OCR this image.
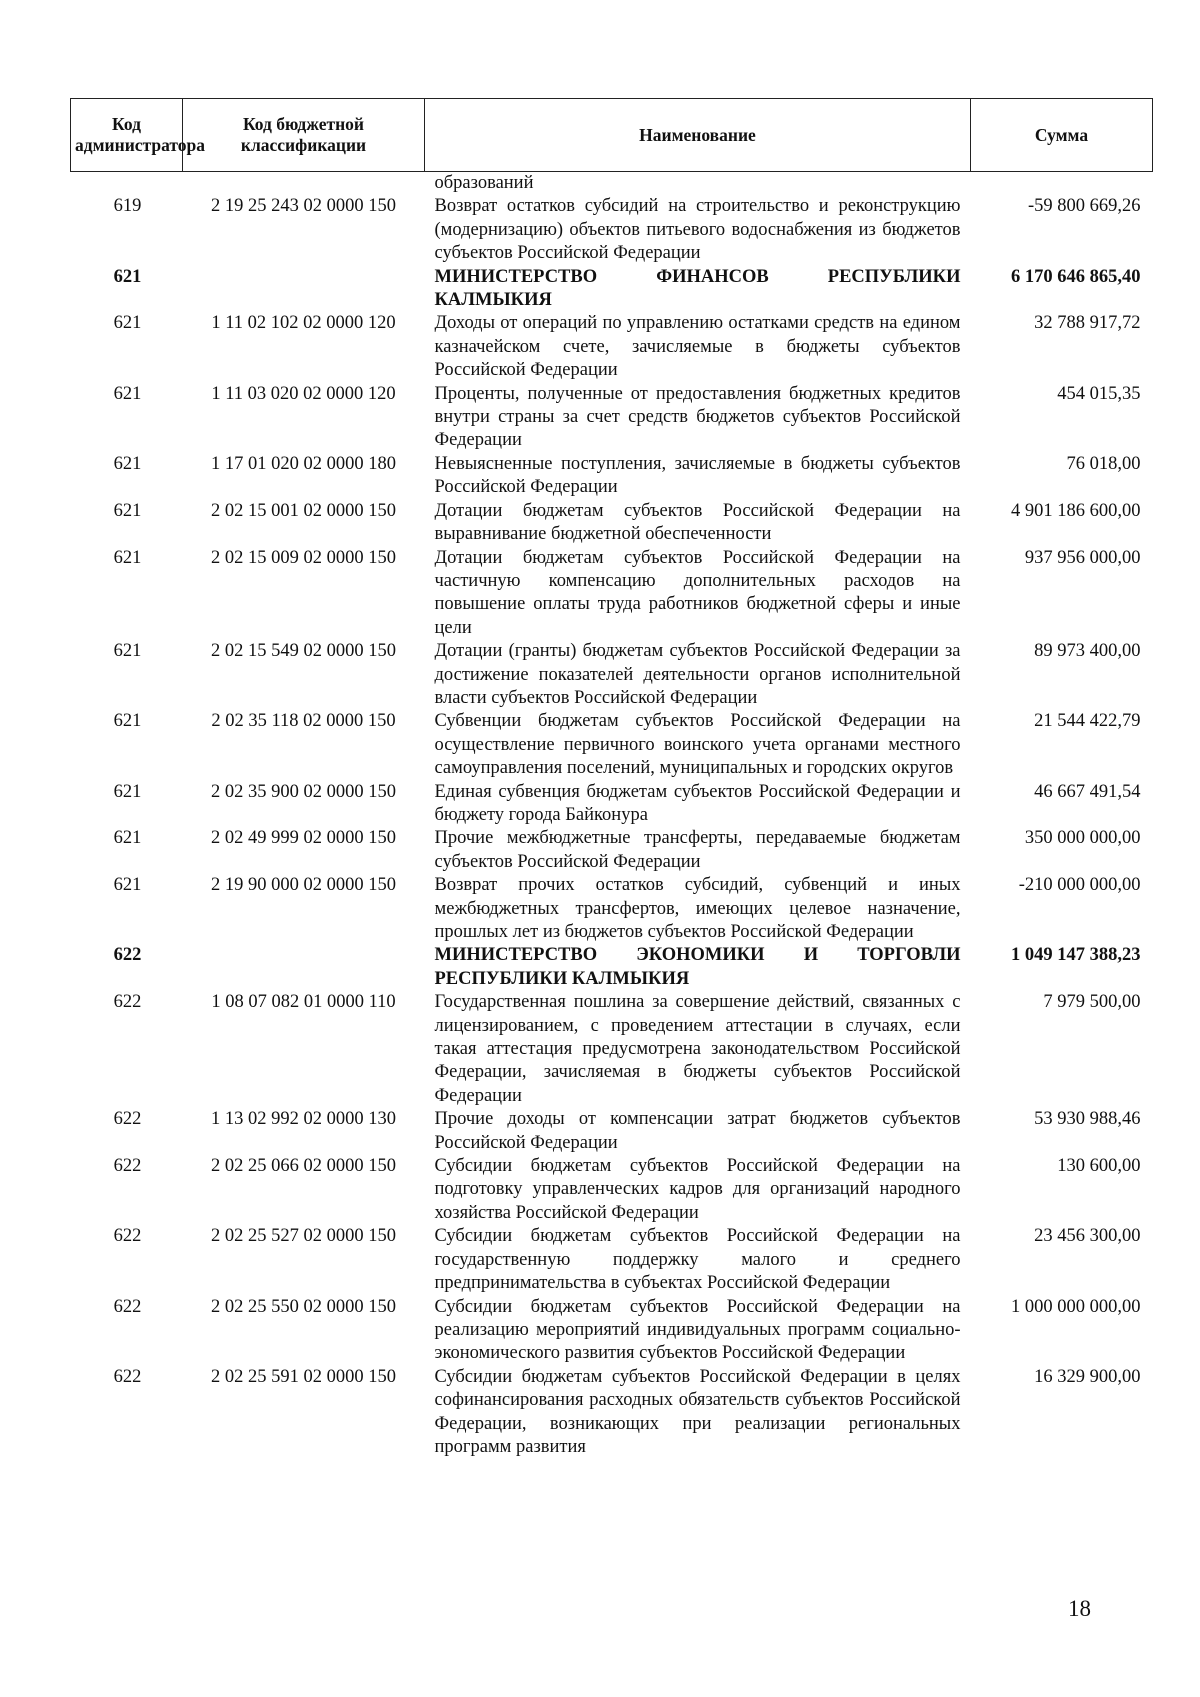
Код администратора	Код бюджетной классификации	Наименование	Сумма
		образований	
619	2 19 25 243 02 0000 150	Возврат остатков субсидий на строительство и реконструкцию (модернизацию) объектов питьевого водоснабжения из бюджетов субъектов Российской Федерации	-59 800 669,26
621		МИНИСТЕРСТВО ФИНАНСОВ РЕСПУБЛИКИ КАЛМЫКИЯ	6 170 646 865,40
621	1 11 02 102 02 0000 120	Доходы от операций по управлению остатками средств на едином казначейском счете, зачисляемые в бюджеты субъектов Российской Федерации	32 788 917,72
621	1 11 03 020 02 0000 120	Проценты, полученные от предоставления бюджетных кредитов внутри страны за счет средств бюджетов субъектов Российской Федерации	454 015,35
621	1 17 01 020 02 0000 180	Невыясненные поступления, зачисляемые в бюджеты субъектов Российской Федерации	76 018,00
621	2 02 15 001 02 0000 150	Дотации бюджетам субъектов Российской Федерации на выравнивание бюджетной обеспеченности	4 901 186 600,00
621	2 02 15 009 02 0000 150	Дотации бюджетам субъектов Российской Федерации на частичную компенсацию дополнительных расходов на повышение оплаты труда работников бюджетной сферы и иные цели	937 956 000,00
621	2 02 15 549 02 0000 150	Дотации (гранты) бюджетам субъектов Российской Федерации за достижение показателей деятельности органов исполнительной власти субъектов Российской Федерации	89 973 400,00
621	2 02 35 118 02 0000 150	Субвенции бюджетам субъектов Российской Федерации на осуществление первичного воинского учета органами местного самоуправления поселений, муниципальных и городских округов	21 544 422,79
621	2 02 35 900 02 0000 150	Единая субвенция бюджетам субъектов Российской Федерации и бюджету города Байконура	46 667 491,54
621	2 02 49 999 02 0000 150	Прочие межбюджетные трансферты, передаваемые бюджетам субъектов Российской Федерации	350 000 000,00
621	2 19 90 000 02 0000 150	Возврат прочих остатков субсидий, субвенций и иных межбюджетных трансфертов, имеющих целевое назначение, прошлых лет из бюджетов субъектов Российской Федерации	-210 000 000,00
622		МИНИСТЕРСТВО ЭКОНОМИКИ И ТОРГОВЛИ РЕСПУБЛИКИ КАЛМЫКИЯ	1 049 147 388,23
622	1 08 07 082 01 0000 110	Государственная пошлина за совершение действий, связанных с лицензированием, с проведением аттестации в случаях, если такая аттестация предусмотрена законодательством Российской Федерации, зачисляемая в бюджеты субъектов Российской Федерации	7 979 500,00
622	1 13 02 992 02 0000 130	Прочие доходы от компенсации затрат бюджетов субъектов Российской Федерации	53 930 988,46
622	2 02 25 066 02 0000 150	Субсидии бюджетам субъектов Российской Федерации на подготовку управленческих кадров для организаций народного хозяйства Российской Федерации	130 600,00
622	2 02 25 527 02 0000 150	Субсидии бюджетам субъектов Российской Федерации на государственную поддержку малого и среднего предпринимательства в субъектах Российской Федерации	23 456 300,00
622	2 02 25 550 02 0000 150	Субсидии бюджетам субъектов Российской Федерации на реализацию мероприятий индивидуальных программ социально-экономического развития субъектов Российской Федерации	1 000 000 000,00
622	2 02 25 591 02 0000 150	Субсидии бюджетам субъектов Российской Федерации в целях софинансирования расходных обязательств субъектов Российской Федерации, возникающих при реализации региональных программ развития	16 329 900,00
18
